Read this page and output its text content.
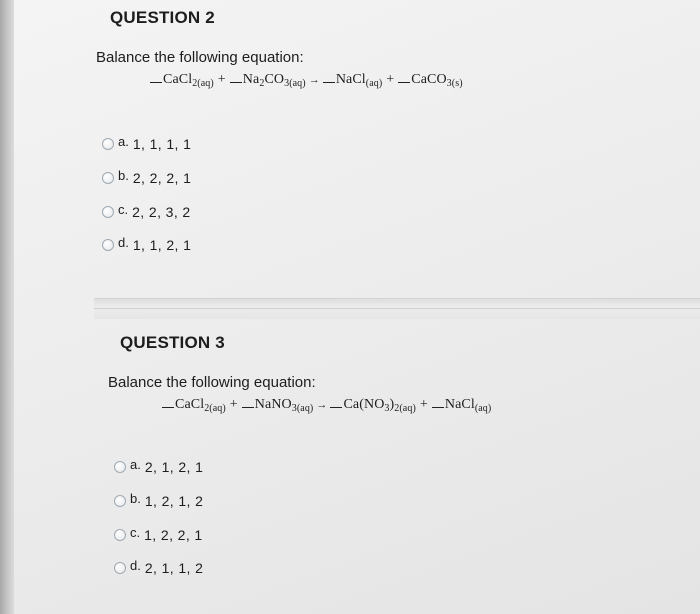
QUESTION 2
Balance the following equation:
CaCl$_{2(aq)}$ + $Na_2CO_{3(aq)}$ → NaCl$_{(aq)}$ + CaCO$_{3(s)}$
a. 1, 1, 1, 1
b. 2, 2, 2, 1
c. 2, 2, 3, 2
d. 1, 1, 2, 1
QUESTION 3
Balance the following equation:
CaCl$_{2(aq)}$ + NaNO$_{3(aq)}$ → $Ca(NO_3)_{2(aq)}$ + NaCl$_{(aq)}$
a. 2, 1, 2, 1
b. 1, 2, 1, 2
c. 1, 2, 2, 1
d. 2, 1, 1, 2
